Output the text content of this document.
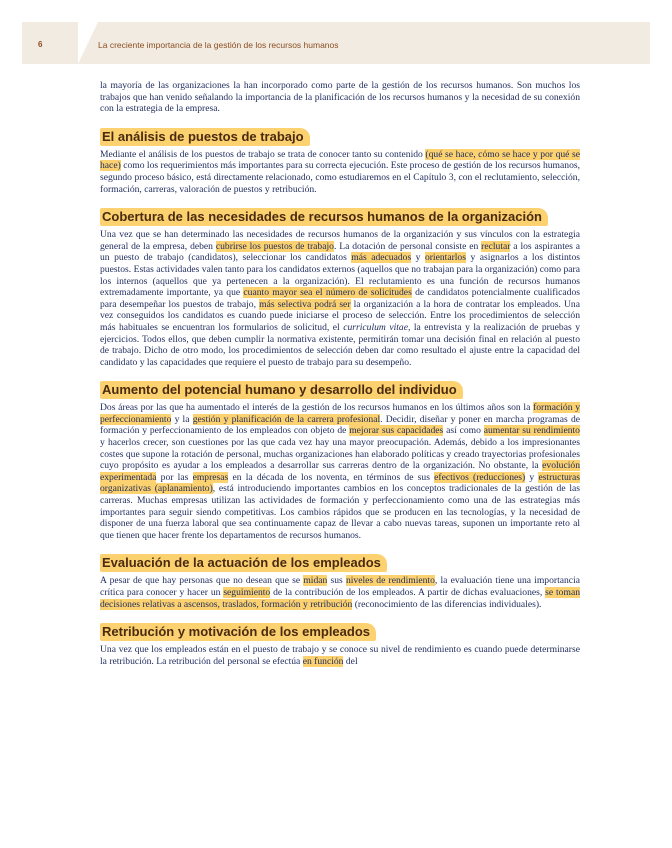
6	La creciente importancia de la gestión de los recursos humanos

la mayoría de las organizaciones la han incorporado como parte de la gestión de los recursos humanos. Son muchos los trabajos que han venido señalando la importancia de la planificación de los recursos humanos y la necesidad de su conexión con la estrategia de la empresa.

El análisis de puestos de trabajo

Mediante el análisis de los puestos de trabajo se trata de conocer tanto su contenido (qué se hace, cómo se hace y por qué se hace) como los requerimientos más importantes para su correcta ejecución. Este proceso de gestión de los recursos humanos, segundo proceso básico, está directamente relacionado, como estudiaremos en el Capítulo 3, con el reclutamiento, selección, formación, carreras, valoración de puestos y retribución.

Cobertura de las necesidades de recursos humanos de la organización

Una vez que se han determinado las necesidades de recursos humanos de la organización y sus vínculos con la estrategia general de la empresa, deben cubrirse los puestos de trabajo. La dotación de personal consiste en reclutar a los aspirantes a un puesto de trabajo (candidatos), seleccionar los candidatos más adecuados y orientarlos y asignarlos a los distintos puestos. Estas actividades valen tanto para los candidatos externos (aquellos que no trabajan para la organización) como para los internos (aquellos que ya pertenecen a la organización). El reclutamiento es una función de recursos humanos extremadamente importante, ya que cuanto mayor sea el número de solicitudes de candidatos potencialmente cualificados para desempeñar los puestos de trabajo, más selectiva podrá ser la organización a la hora de contratar los empleados. Una vez conseguidos los candidatos es cuando puede iniciarse el proceso de selección. Entre los procedimientos de selección más habituales se encuentran los formularios de solicitud, el curriculum vitae, la entrevista y la realización de pruebas y ejercicios. Todos ellos, que deben cumplir la normativa existente, permitirán tomar una decisión final en relación al puesto de trabajo. Dicho de otro modo, los procedimientos de selección deben dar como resultado el ajuste entre la capacidad del candidato y las capacidades que requiere el puesto de trabajo para su desempeño.

Aumento del potencial humano y desarrollo del individuo

Dos áreas por las que ha aumentado el interés de la gestión de los recursos humanos en los últimos años son la formación y perfeccionamiento y la gestión y planificación de la carrera profesional. Decidir, diseñar y poner en marcha programas de formación y perfeccionamiento de los empleados con objeto de mejorar sus capacidades así como aumentar su rendimiento y hacerlos crecer, son cuestiones por las que cada vez hay una mayor preocupación. Además, debido a los impresionantes costes que supone la rotación de personal, muchas organizaciones han elaborado políticas y creado trayectorias profesionales cuyo propósito es ayudar a los empleados a desarrollar sus carreras dentro de la organización. No obstante, la evolución experimentada por las empresas en la década de los noventa, en términos de sus efectivos (reducciones) y estructuras organizativas (aplanamiento), está introduciendo importantes cambios en los conceptos tradicionales de la gestión de las carreras. Muchas empresas utilizan las actividades de formación y perfeccionamiento como una de las estrategias más importantes para seguir siendo competitivas. Los cambios rápidos que se producen en las tecnologías, y la necesidad de disponer de una fuerza laboral que sea continuamente capaz de llevar a cabo nuevas tareas, suponen un importante reto al que tienen que hacer frente los departamentos de recursos humanos.

Evaluación de la actuación de los empleados

A pesar de que hay personas que no desean que se midan sus niveles de rendimiento, la evaluación tiene una importancia crítica para conocer y hacer un seguimiento de la contribución de los empleados. A partir de dichas evaluaciones, se toman decisiones relativas a ascensos, traslados, formación y retribución (reconocimiento de las diferencias individuales).

Retribución y motivación de los empleados

Una vez que los empleados están en el puesto de trabajo y se conoce su nivel de rendimiento es cuando puede determinarse la retribución. La retribución del personal se efectúa en función del
